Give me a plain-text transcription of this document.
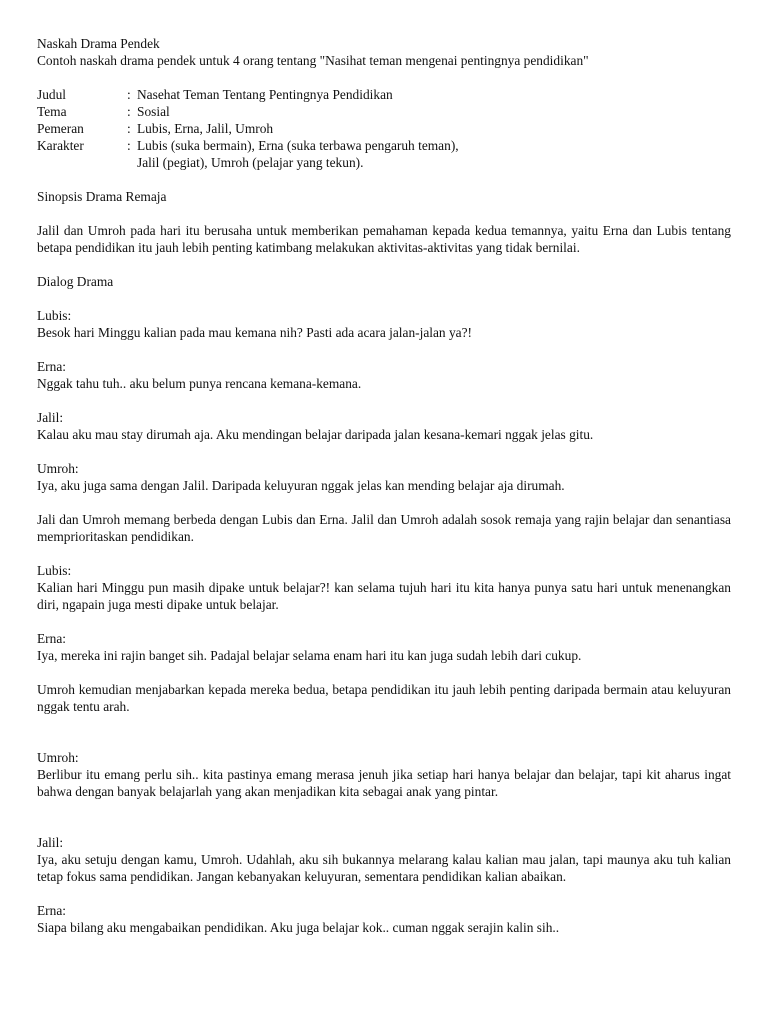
Naskah Drama Pendek

Contoh naskah drama pendek untuk 4 orang tentang "Nasihat teman mengenai pentingnya pendidikan"

Judul	: Nasehat Teman Tentang Pentingnya Pendidikan
Tema	: Sosial
Pemeran	: Lubis, Erna, Jalil, Umroh
Karakter	: Lubis (suka bermain), Erna (suka terbawa pengaruh teman),
Jalil (pegiat), Umroh (pelajar yang tekun).

Sinopsis Drama Remaja

Jalil dan Umroh pada hari itu berusaha untuk memberikan pemahaman kepada kedua temannya, yaitu Erna dan Lubis tentang betapa pendidikan itu jauh lebih penting katimbang melakukan aktivitas-aktivitas yang tidak bernilai.

Dialog Drama

Lubis:

Besok hari Minggu kalian pada mau kemana nih? Pasti ada acara jalan-jalan ya?!

Erna:

Nggak tahu tuh.. aku belum punya rencana kemana-kemana.

Jalil:

Kalau aku mau stay dirumah aja. Aku mendingan belajar daripada jalan kesana-kemari nggak jelas gitu.

Umroh:

Iya, aku juga sama dengan Jalil. Daripada keluyuran nggak jelas kan mending belajar aja dirumah.

Jali dan Umroh memang berbeda dengan Lubis dan Erna. Jalil dan Umroh adalah sosok remaja yang rajin belajar dan senantiasa memprioritaskan pendidikan.

Lubis:

Kalian hari Minggu pun masih dipake untuk belajar?! kan selama tujuh hari itu kita hanya punya satu hari untuk menenangkan diri, ngapain juga mesti dipake untuk belajar.

Erna:

Iya, mereka ini rajin banget sih. Padajal belajar selama enam hari itu kan juga sudah lebih dari cukup.

Umroh kemudian menjabarkan kepada mereka bedua, betapa pendidikan itu jauh lebih penting daripada bermain atau keluyuran nggak tentu arah.

Umroh:

Berlibur itu emang perlu sih.. kita pastinya emang merasa jenuh jika setiap hari hanya belajar dan belajar, tapi kit aharus ingat bahwa dengan banyak belajarlah yang akan menjadikan kita sebagai anak yang pintar.

Jalil:

Iya, aku setuju dengan kamu, Umroh. Udahlah, aku sih bukannya melarang kalau kalian mau jalan, tapi maunya aku tuh kalian tetap fokus sama pendidikan. Jangan kebanyakan keluyuran, sementara pendidikan kalian abaikan.

Erna:

Siapa bilang aku mengabaikan pendidikan. Aku juga belajar kok.. cuman nggak serajin kalin sih..
